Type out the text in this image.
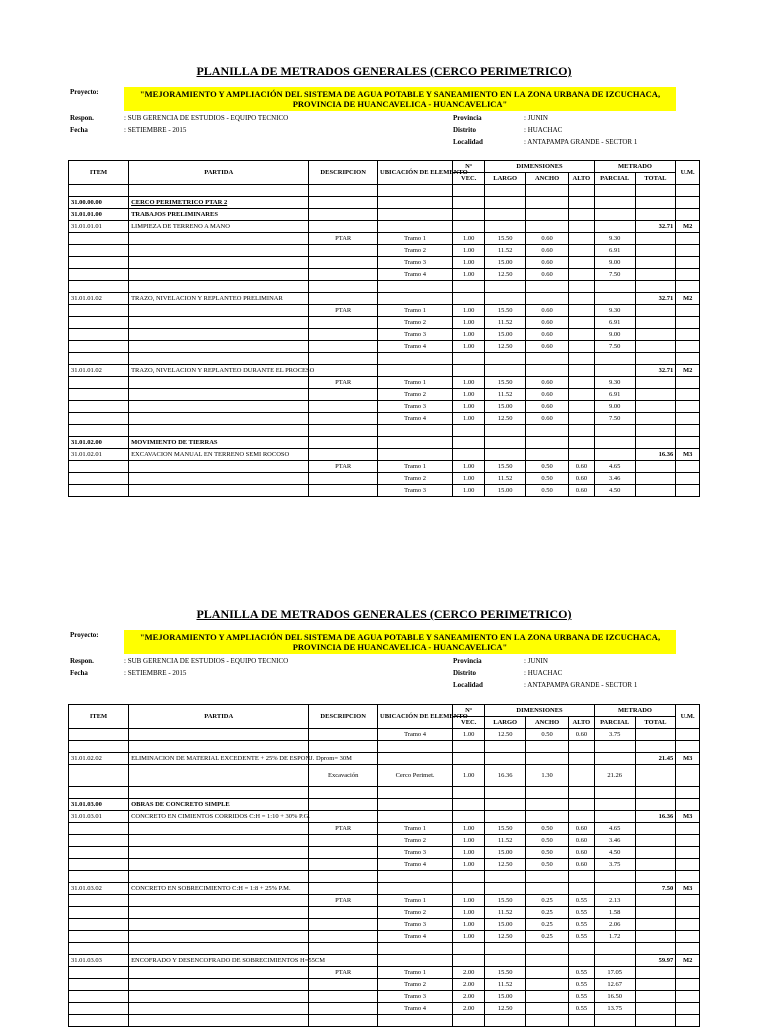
PLANILLA DE METRADOS GENERALES (CERCO PERIMETRICO)
Proyecto:	"MEJORAMIENTO Y AMPLIACIÓN DEL SISTEMA DE AGUA POTABLE Y SANEAMIENTO EN LA ZONA URBANA DE IZCUCHACA, PROVINCIA DE HUANCAVELICA - HUANCAVELICA"
Respon.	: SUB GERENCIA DE ESTUDIOS - EQUIPO TECNICO
Fecha	: SETIEMBRE - 2015
Provincia	: JUNIN
Distrito	: HUACHAC
Localidad	: ANTAPAMPA GRANDE - SECTOR 1
ITEM	PARTIDA	DESCRIPCION	UBICACIÓN DE ELEMENTO	N°	DIMENSIONES			METRADO		U.M.
				VEC.	LARGO	ANCHO	ALTO	PARCIAL	TOTAL	

31.00.00.00	CERCO PERIMETRICO PTAR 2									
31.01.01.00	TRABAJOS PRELIMINARES									
31.01.01.01	LIMPIEZA DE TERRENO A MANO								32.71	M2
		PTAR	Tramo 1	1.00	15.50	0.60		9.30		
			Tramo 2	1.00	11.52	0.60		6.91		
			Tramo 3	1.00	15.00	0.60		9.00		
			Tramo 4	1.00	12.50	0.60		7.50		

31.01.01.02	TRAZO, NIVELACION Y REPLANTEO PRELIMINAR								32.71	M2
		PTAR	Tramo 1	1.00	15.50	0.60		9.30		
			Tramo 2	1.00	11.52	0.60		6.91		
			Tramo 3	1.00	15.00	0.60		9.00		
			Tramo 4	1.00	12.50	0.60		7.50		

31.01.01.02	TRAZO, NIVELACION Y REPLANTEO DURANTE EL PROCESO								32.71	M2
		PTAR	Tramo 1	1.00	15.50	0.60		9.30		
			Tramo 2	1.00	11.52	0.60		6.91		
			Tramo 3	1.00	15.00	0.60		9.00		
			Tramo 4	1.00	12.50	0.60		7.50		

31.01.02.00	MOVIMIENTO DE TIERRAS									
31.01.02.01	EXCAVACION MANUAL EN TERRENO SEMI ROCOSO								16.36	M3
		PTAR	Tramo 1	1.00	15.50	0.50	0.60	4.65		
			Tramo 2	1.00	11.52	0.50	0.60	3.46		
			Tramo 3	1.00	15.00	0.50	0.60	4.50		
PLANILLA DE METRADOS GENERALES (CERCO PERIMETRICO)
Proyecto:	"MEJORAMIENTO Y AMPLIACIÓN DEL SISTEMA DE AGUA POTABLE Y SANEAMIENTO EN LA ZONA URBANA DE IZCUCHACA, PROVINCIA DE HUANCAVELICA - HUANCAVELICA"
Respon.	: SUB GERENCIA DE ESTUDIOS - EQUIPO TECNICO
Fecha	: SETIEMBRE - 2015
Provincia	: JUNIN
Distrito	: HUACHAC
Localidad	: ANTAPAMPA GRANDE - SECTOR 1
ITEM	PARTIDA	DESCRIPCION	UBICACIÓN DE ELEMENTO	N°	DIMENSIONES			METRADO		U.M.
				VEC.	LARGO	ANCHO	ALTO	PARCIAL	TOTAL	
			Tramo 4	1.00	12.50	0.50	0.60	3.75		

31.01.02.02	ELIMINACION DE MATERIAL EXCEDENTE + 25% DE ESPONJ. Dprom= 30M								21.45	M3
		Excavación	Cerco Perimet.	1.00	16.36	1.30		21.26		

31.01.03.00	OBRAS DE CONCRETO SIMPLE									
31.01.03.01	CONCRETO EN CIMIENTOS CORRIDOS C:H = 1:10 + 30% P.G.								16.36	M3
		PTAR	Tramo 1	1.00	15.50	0.50	0.60	4.65		
			Tramo 2	1.00	11.52	0.50	0.60	3.46		
			Tramo 3	1.00	15.00	0.50	0.60	4.50		
			Tramo 4	1.00	12.50	0.50	0.60	3.75		

31.01.03.02	CONCRETO EN SOBRECIMIENTO C:H = 1:8 + 25% P.M.								7.50	M3
		PTAR	Tramo 1	1.00	15.50	0.25	0.55	2.13		
			Tramo 2	1.00	11.52	0.25	0.55	1.58		
			Tramo 3	1.00	15.00	0.25	0.55	2.06		
			Tramo 4	1.00	12.50	0.25	0.55	1.72		

31.01.03.03	ENCOFRADO Y DESENCOFRADO DE SOBRECIMIENTOS H=55CM								59.97	M2
		PTAR	Tramo 1	2.00	15.50		0.55	17.05		
			Tramo 2	2.00	11.52		0.55	12.67		
			Tramo 3	2.00	15.00		0.55	16.50		
			Tramo 4	2.00	12.50		0.55	13.75		
